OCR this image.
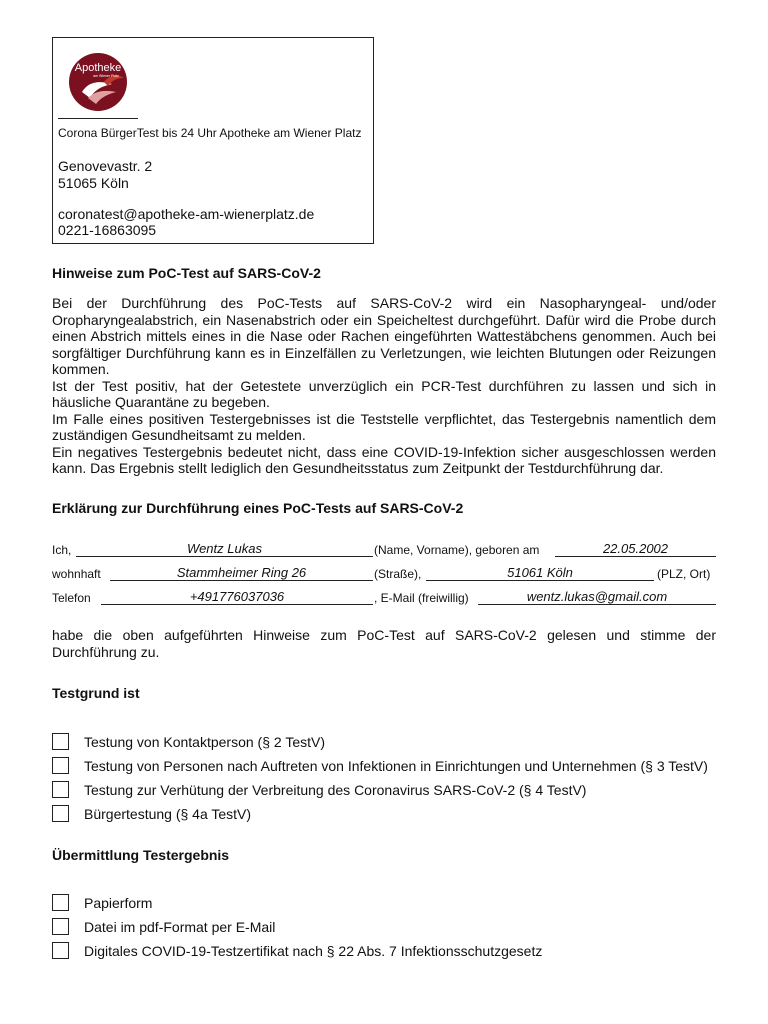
Apotheke
am Wiener Platz
Corona BürgerTest bis 24 Uhr Apotheke am Wiener Platz
Genovevastr. 2
51065 Köln
coronatest@apotheke-am-wienerplatz.de
0221-16863095
Hinweise zum PoC-Test auf SARS-CoV-2

Bei der Durchführung des PoC-Tests auf SARS-CoV-2 wird ein Nasopharyngeal- und/oder Oropharyngealabstrich, ein Nasenabstrich oder ein Speicheltest durchgeführt. Dafür wird die Probe durch einen Abstrich mittels eines in die Nase oder Rachen eingeführten Wattestäbchens genommen. Auch bei sorgfältiger Durchführung kann es in Einzelfällen zu Verletzungen, wie leichten Blutungen oder Reizungen kommen.

Ist der Test positiv, hat der Getestete unverzüglich ein PCR-Test durchführen zu lassen und sich in häusliche Quarantäne zu begeben.

Im Falle eines positiven Testergebnisses ist die Teststelle verpflichtet, das Testergebnis namentlich dem zuständigen Gesundheitsamt zu melden.

Ein negatives Testergebnis bedeutet nicht, dass eine COVID-19-Infektion sicher ausgeschlossen werden kann. Das Ergebnis stellt lediglich den Gesundheitsstatus zum Zeitpunkt der Testdurchführung dar.

Erklärung zur Durchführung eines PoC-Tests auf SARS-CoV-2
Ich,	Wentz Lukas	(Name, Vorname), geboren am	22.05.2002
wohnhaft	Stammheimer Ring 26	(Straße),	51061 Köln	(PLZ, Ort)
Telefon	+491776037036	, E-Mail (freiwillig)	wentz.lukas@gmail.com
habe die oben aufgeführten Hinweise zum PoC-Test auf SARS-CoV-2 gelesen und stimme der Durchführung zu.
Testgrund ist
Testung von Kontaktperson (§ 2 TestV)
Testung von Personen nach Auftreten von Infektionen in Einrichtungen und Unternehmen (§ 3 TestV)
Testung zur Verhütung der Verbreitung des Coronavirus SARS-CoV-2 (§ 4 TestV)
Bürgertestung (§ 4a TestV)
Übermittlung Testergebnis
Papierform
Datei im pdf-Format per E-Mail
Digitales COVID-19-Testzertifikat nach § 22 Abs. 7 Infektionsschutzgesetz
